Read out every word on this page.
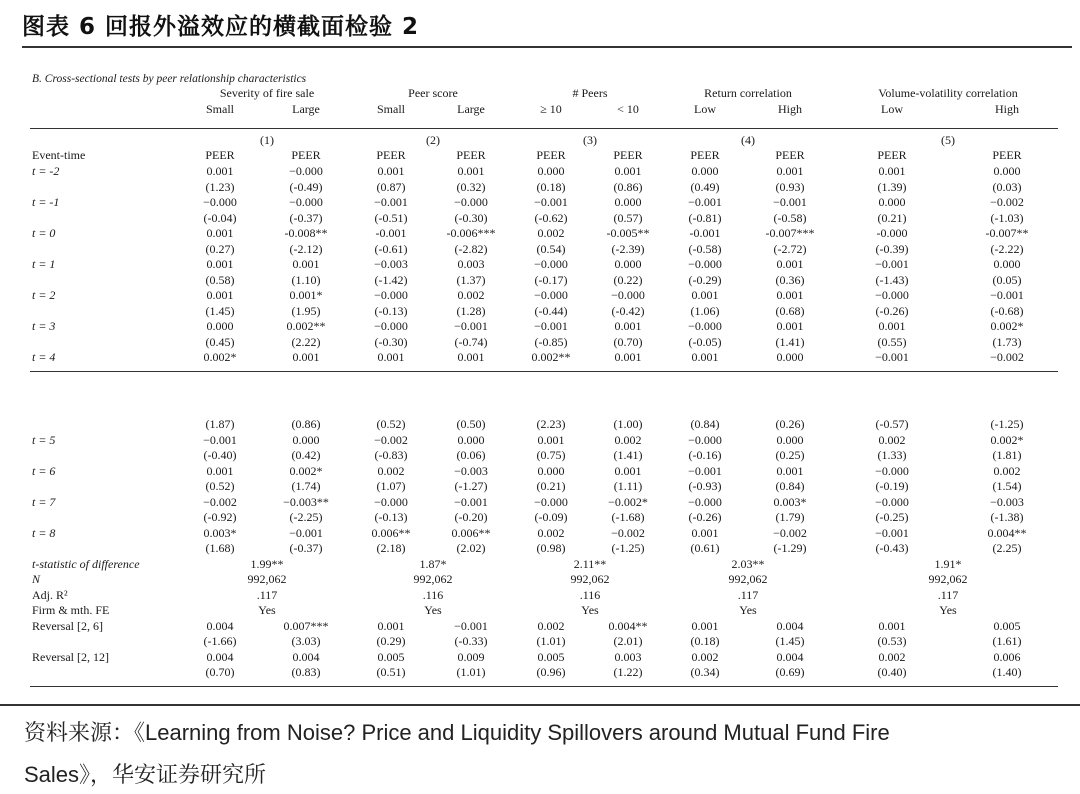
图表 6 回报外溢效应的横截面检验 2
B. Cross-sectional tests by peer relationship characteristics
Severity of fire sale
Small	Large
Peer score
Small	Large
# Peers
≥ 10	< 10
Return correlation
Low	High
Volume-volatility correlation
Low	High
(1)	(2)	(3)	(4)	(5)
Event-time	PEER	PEER	PEER	PEER	PEER	PEER	PEER	PEER	PEER	PEER
t = -2	0.001	−0.000	0.001	0.001	0.000	0.001	0.000	0.001	0.001	0.000
(1.23)	(-0.49)	(0.87)	(0.32)	(0.18)	(0.86)	(0.49)	(0.93)	(1.39)	(0.03)
t = -1	−0.000	−0.000	−0.001	−0.000	−0.001	0.000	−0.001	−0.001	0.000	−0.002
(-0.04)	(-0.37)	(-0.51)	(-0.30)	(-0.62)	(0.57)	(-0.81)	(-0.58)	(0.21)	(-1.03)
t = 0	0.001	-0.008**	-0.001	-0.006***	0.002	-0.005**	-0.001	-0.007***	-0.000	-0.007**
(0.27)	(-2.12)	(-0.61)	(-2.82)	(0.54)	(-2.39)	(-0.58)	(-2.72)	(-0.39)	(-2.22)
t = 1	0.001	0.001	−0.003	0.003	−0.000	0.000	−0.000	0.001	−0.001	0.000
(0.58)	(1.10)	(-1.42)	(1.37)	(-0.17)	(0.22)	(-0.29)	(0.36)	(-1.43)	(0.05)
t = 2	0.001	0.001*	−0.000	0.002	−0.000	−0.000	0.001	0.001	−0.000	−0.001
(1.45)	(1.95)	(-0.13)	(1.28)	(-0.44)	(-0.42)	(1.06)	(0.68)	(-0.26)	(-0.68)
t = 3	0.000	0.002**	−0.000	−0.001	−0.001	0.001	−0.000	0.001	0.001	0.002*
(0.45)	(2.22)	(-0.30)	(-0.74)	(-0.85)	(0.70)	(-0.05)	(1.41)	(0.55)	(1.73)
t = 4	0.002*	0.001	0.001	0.001	0.002**	0.001	0.001	0.000	−0.001	−0.002
(1.87)	(0.86)	(0.52)	(0.50)	(2.23)	(1.00)	(0.84)	(0.26)	(-0.57)	(-1.25)
t = 5	−0.001	0.000	−0.002	0.000	0.001	0.002	−0.000	0.000	0.002	0.002*
(-0.40)	(0.42)	(-0.83)	(0.06)	(0.75)	(1.41)	(-0.16)	(0.25)	(1.33)	(1.81)
t = 6	0.001	0.002*	0.002	−0.003	0.000	0.001	−0.001	0.001	−0.000	0.002
(0.52)	(1.74)	(1.07)	(-1.27)	(0.21)	(1.11)	(-0.93)	(0.84)	(-0.19)	(1.54)
t = 7	−0.002	−0.003**	−0.000	−0.001	−0.000	−0.002*	−0.000	0.003*	−0.000	−0.003
(-0.92)	(-2.25)	(-0.13)	(-0.20)	(-0.09)	(-1.68)	(-0.26)	(1.79)	(-0.25)	(-1.38)
t = 8	0.003*	−0.001	0.006**	0.006**	0.002	−0.002	0.001	−0.002	−0.001	0.004**
(1.68)	(-0.37)	(2.18)	(2.02)	(0.98)	(-1.25)	(0.61)	(-1.29)	(-0.43)	(2.25)
t-statistic of difference	1.99**	1.87*	2.11**	2.03**	1.91*
N	992,062	992,062	992,062	992,062	992,062
Adj. R²	.117	.116	.116	.117	.117
Firm & mth. FE	Yes	Yes	Yes	Yes	Yes
Reversal [2, 6]	0.004	0.007***	0.001	−0.001	0.002	0.004**	0.001	0.004	0.001	0.005
(-1.66)	(3.03)	(0.29)	(-0.33)	(1.01)	(2.01)	(0.18)	(1.45)	(0.53)	(1.61)
Reversal [2, 12]	0.004	0.004	0.005	0.009	0.005	0.003	0.002	0.004	0.002	0.006
(0.70)	(0.83)	(0.51)	(1.01)	(0.96)	(1.22)	(0.34)	(0.69)	(0.40)	(1.40)
资料来源：《Learning from Noise? Price and Liquidity Spillovers around Mutual Fund Fire
Sales》，华安证券研究所
